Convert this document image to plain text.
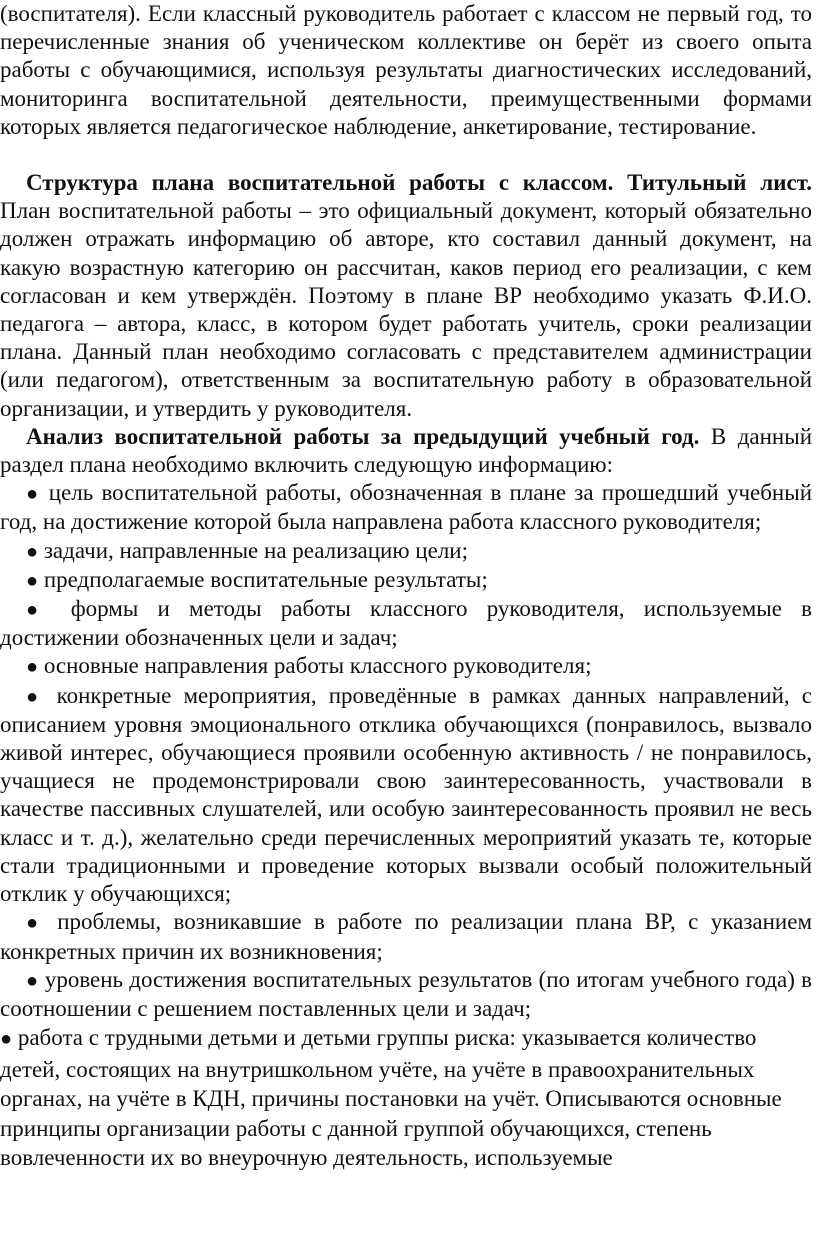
(воспитателя). Если классный руководитель работает с классом не первый год, то перечисленные знания об ученическом коллективе он берёт из своего опыта работы с обучающимися, используя результаты диагностических исследований, мониторинга воспитательной деятельности, преимущественными формами которых является педагогическое наблюдение, анкетирование, тестирование.

Структура плана воспитательной работы с классом. Титульный лист. План воспитательной работы – это официальный документ, который обязательно должен отражать информацию об авторе, кто составил данный документ, на какую возрастную категорию он рассчитан, каков период его реализации, с кем согласован и кем утверждён. Поэтому в плане ВР необходимо указать Ф.И.О. педагога – автора, класс, в котором будет работать учитель, сроки реализации плана. Данный план необходимо согласовать с представителем администрации (или педагогом), ответственным за воспитательную работу в образовательной организации, и утвердить у руководителя.

Анализ воспитательной работы за предыдущий учебный год. В данный раздел плана необходимо включить следующую информацию:

● цель воспитательной работы, обозначенная в плане за прошедший учебный год, на достижение которой была направлена работа классного руководителя;

● задачи, направленные на реализацию цели;

● предполагаемые воспитательные результаты;

● формы и методы работы классного руководителя, используемые в достижении обозначенных цели и задач;

● основные направления работы классного руководителя;

● конкретные мероприятия, проведённые в рамках данных направлений, с описанием уровня эмоционального отклика обучающихся (понравилось, вызвало живой интерес, обучающиеся проявили особенную активность / не понравилось, учащиеся не продемонстрировали свою заинтересованность, участвовали в качестве пассивных слушателей, или особую заинтересованность проявил не весь класс и т. д.), желательно среди перечисленных мероприятий указать те, которые стали традиционными и проведение которых вызвали особый положительный отклик у обучающихся;

● проблемы, возникавшие в работе по реализации плана ВР, с указанием конкретных причин их возникновения;

● уровень достижения воспитательных результатов (по итогам учебного года) в соотношении с решением поставленных цели и задач;

● работа с трудными детьми и детьми группы риска: указывается количество детей, состоящих на внутришкольном учёте, на учёте в правоохранительных органах, на учёте в КДН, причины постановки на учёт. Описываются основные принципы организации работы с данной группой обучающихся, степень вовлеченности их во внеурочную деятельность, используемые
